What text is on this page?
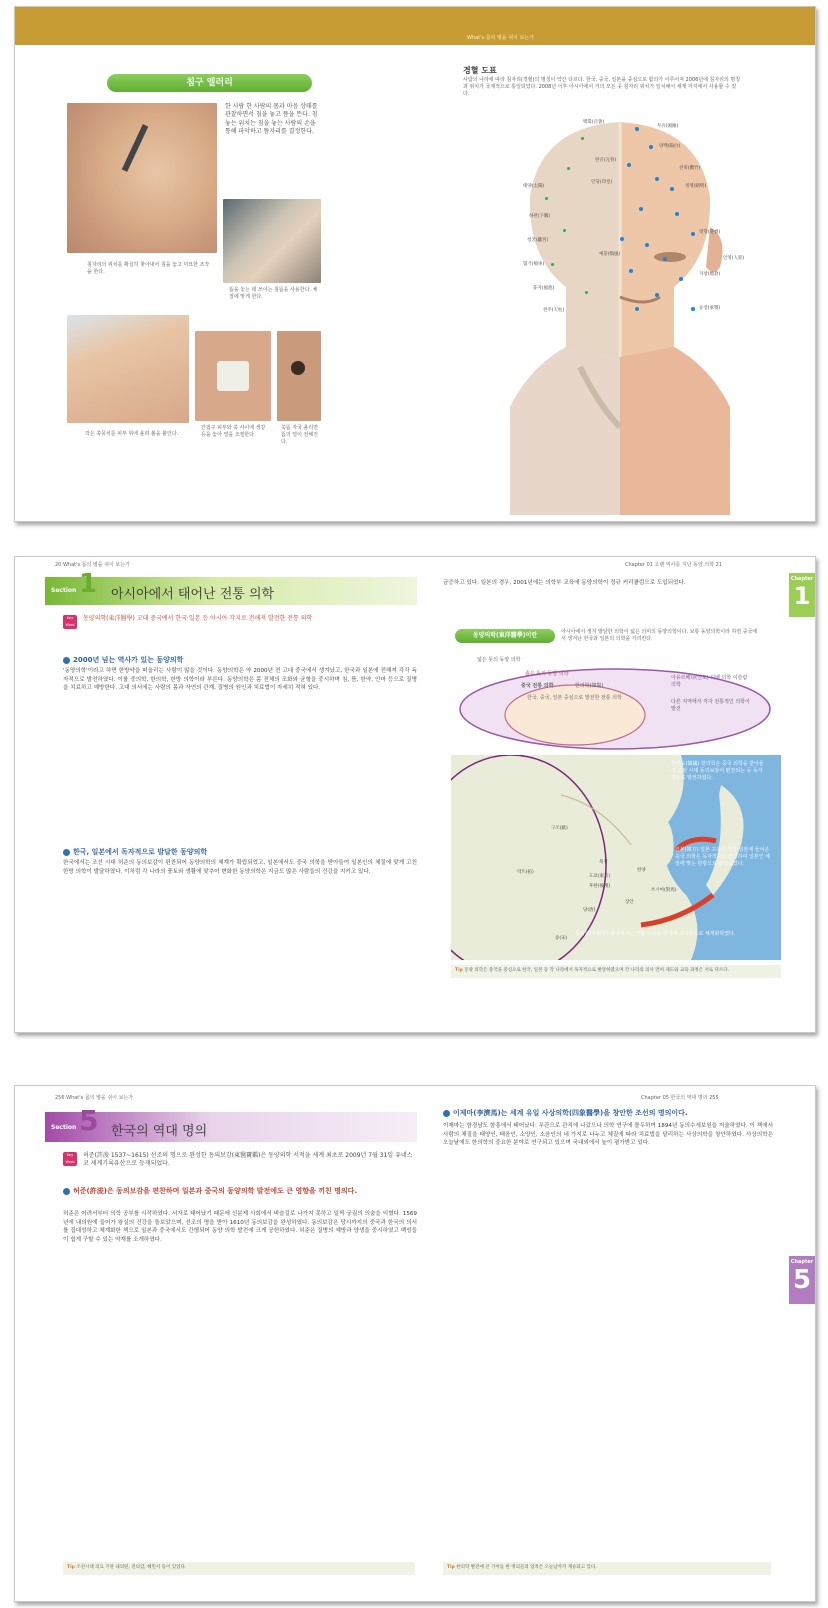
What's 몸의 병을 쉬이 보는가
침구 엘러리
한 사람 한 사람의 몸과 마음 상태를 관찰하면서 침을 놓고 뜸을 뜬다. 침놓는 위치는 침을 놓는 사람의 손을 통해 파악하고 뜸자리를 결정한다.
침자리의 위치를 확실히 찾아내어 침을 놓고 미묘한 조작을 한다.
뜸을 놓는 데 쓰이는 침뜸을 사용한다. 체질에 맞게 한다.
작은 쑥뭉치를 피부 위에 올려 불을 붙인다.
간접구 피부와 쑥 사이에 생강 등을 놓아 열을 조절한다.
쑥뜸 자국 올리면 뜸의 열이 전해진다.
경혈 도표
사람의 나라에 따라 침자리(경혈)의 명칭이 약간 다르다. 한국, 중국, 일본을 중심으로 합의가 이루어져 2006년에 침자리의 명칭과 위치가 국제적으로 통일되었다. 2008년 이후 아시아에서 거의 모든 곳 침자리 위치가 일치해서 세계 각지에서 사용할 수 있다.
백회(百會)
두유(頭維)
양백(陽白)
찬죽(攢竹)
정명(睛明)
인당(印堂)
태양(太陽)
하관(下關)
청궁(聽宮)
영향(迎香)
협거(頰車)
지창(地倉)
풍지(風池)
승장(承漿)
천주(天柱)
완골(完骨)
예풍(翳風)
인영(人迎)
20 What's 몸의 병을 쉬이 보는가	Chapter 01 오랜 역사를 지닌 동양 의학 21
Section 1 아시아에서 태어난 전통 의학
Key Word
동양의학(東洋醫學) 고대 중국에서 한국·일본 등 아시아 각지로 전해져 발전한 전통 의학
2000년 넘는 역사가 있는 동양의학
'동양의학'이라고 하면 한방약을 떠올리는 사람이 많을 것이다. 동양의학은 약 2000년 전 고대 중국에서 생겨났고, 한국과 일본에 전해져 각각 독자적으로 발전하였다. 이를 중의학, 한의학, 한방 의학이라 부른다. 동양의학은 몸 전체의 조화와 균형을 중시하며 침, 뜸, 한약, 안마 등으로 질병을 치료하고 예방한다. 고대 의서에는 사람의 몸과 자연의 관계, 질병의 원인과 치료법이 자세히 적혀 있다.
한국, 일본에서 독자적으로 발달한 동양의학
한국에서는 조선 시대 허준의 동의보감이 편찬되어 동양의학의 체계가 확립되었고, 일본에서도 중국 의학을 받아들여 일본인의 체질에 맞게 고친 한방 의학이 발달하였다. 이처럼 각 나라의 풍토와 생활에 맞추어 변화한 동양의학은 지금도 많은 사람들의 건강을 지키고 있다.
금증하고 있다. 일본의 경우, 2001년에는 의학부 교육에 동양의학이 정규 커리큘럼으로 도입되었다.
동양의학(東洋醫學)이란	아시아에서 생겨 발달한 의학이 넓은 의미의 동양의학이다. 보통 동양의학이라 하면 중국에서 생겨난 한국과 일본의 의학을 가리킨다.
넓은 뜻의 동양 의학
좁은 뜻의 동양 의학
중국 전통 의학	한의학(韓醫)
한국, 중국, 일본 중심으로 발전한 전통 의학
아유르베다(인도) 티벳 의학 이슬람 의학
다른 지역에서 각자 전통적인 의학이 발전
구조(歐)
탁트(拓)
북경
도쿄(東京)
후한(後漢)
한양
당(唐)
송(宋)
쓰시마(對馬)
장안
한반도(韓國) 한의학은 중국 의학을 받아들여 조선 시대 동의보감이 편찬되는 등 독자적으로 발전하였다.
일본(韓方) 일본 고유의 한방 일본에 들어온 중국 의학은 독자적으로 발달하여 일본인 체질에 맞는 한방으로 완성되었다.
중의학(中醫學) 중국에서는 전통 의학을 현대에 중의학으로 체계화하였다.
Tip 동양 의학은 중국을 중심으로 한국, 일본 등 각 나라에서 독자적으로 발달하였으며 각 나라의 의사 면허 제도와 교육 과정은 서로 다르다.
Chapter
1
256 What's 몸의 병을 쉬이 보는가	Chapter 05 한국의 역대 명의 255
Section 5 한국의 역대 명의
Key Word
허준(許浚 1537~1615) 선조의 명으로 완성한 동의보감(東醫寶鑑)은 동양의학 서적을 세계 최초로 2009년 7월 31일 유네스코 세계기록유산으로 등재되었다.
허준(許浚)은 동의보감을 편찬하며 일본과 중국의 동양의학 발전에도 큰 영향을 끼친 명의다.
허준은 어려서부터 의학 공부를 시작하였다. 서자로 태어났기 때문에 신분제 사회에서 벼슬길로 나가지 못하고 일찍 궁궐의 의술을 익혔다. 1569년에 내의원에 들어가 왕실의 건강을 돌보았으며, 선조의 명을 받아 1610년 동의보감을 완성하였다. 동의보감은 당시까지의 중국과 한국의 의서를 집대성하고 체계화한 책으로 일본과 중국에서도 간행되어 동양 의학 발전에 크게 공헌하였다. 허준은 질병의 예방과 양생을 중시하였고 백성들이 쉽게 구할 수 있는 약재를 소개하였다.
이제마(李濟馬)는 세계 유일 사상의학(四象醫學)을 창안한 조선의 명의이다.
이제마는 함경남도 함흥에서 태어났다. 무관으로 관직에 나갔으나 의학 연구에 몰두하여 1894년 동의수세보원을 저술하였다. 이 책에서 사람의 체질을 태양인, 태음인, 소양인, 소음인의 네 가지로 나누고 체질에 따라 치료법을 달리하는 사상의학을 창안하였다. 사상의학은 오늘날에도 한의학의 중요한 분야로 연구되고 있으며 국내외에서 높이 평가받고 있다.
Tip 조선시대 의료 기관 내의원, 전의감, 혜민서 등이 있었다.	Tip 한의학 발전에 큰 기여를 한 명의들의 업적은 오늘날까지 계승되고 있다.
Chapter
5
